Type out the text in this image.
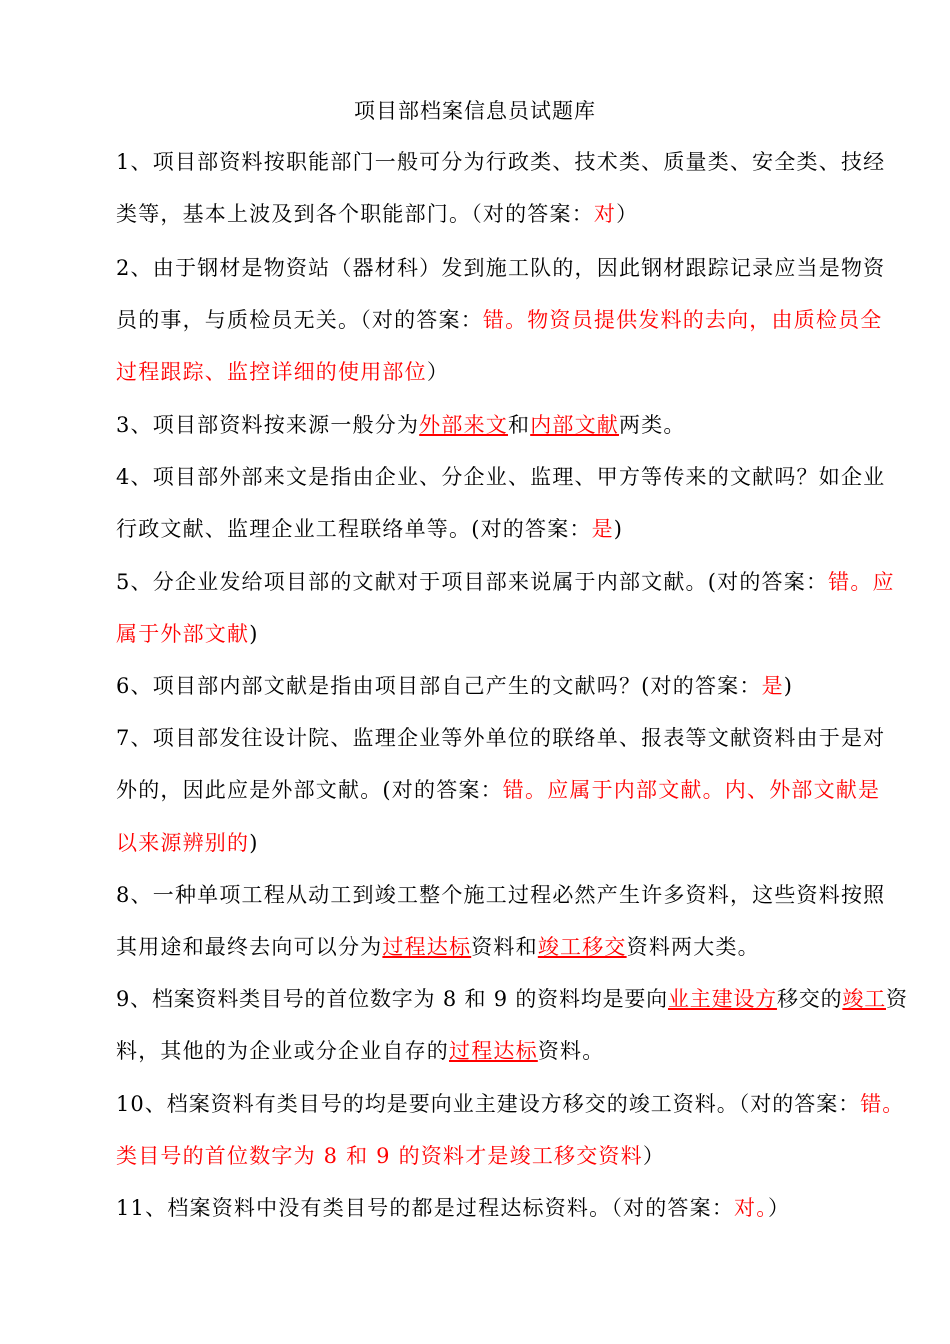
项目部档案信息员试题库
1、项目部资料按职能部门一般可分为行政类、技术类、质量类、安全类、技经
类等，基本上波及到各个职能部门。（对的答案：对）
2、由于钢材是物资站（器材科）发到施工队的，因此钢材跟踪记录应当是物资
员的事，与质检员无关。（对的答案：错。物资员提供发料的去向，由质检员全
过程跟踪、监控详细的使用部位）
3、项目部资料按来源一般分为外部来文和内部文献两类。
4、项目部外部来文是指由企业、分企业、监理、甲方等传来的文献吗？如企业
行政文献、监理企业工程联络单等。(对的答案：是)
5、分企业发给项目部的文献对于项目部来说属于内部文献。(对的答案：错。应
属于外部文献)
6、项目部内部文献是指由项目部自己产生的文献吗？(对的答案：是)
7、项目部发往设计院、监理企业等外单位的联络单、报表等文献资料由于是对
外的，因此应是外部文献。(对的答案：错。应属于内部文献。内、外部文献是
以来源辨别的)
8、一种单项工程从动工到竣工整个施工过程必然产生许多资料，这些资料按照
其用途和最终去向可以分为过程达标资料和竣工移交资料两大类。
9、档案资料类目号的首位数字为 8 和 9 的资料均是要向业主建设方移交的竣工资
料，其他的为企业或分企业自存的过程达标资料。
10、档案资料有类目号的均是要向业主建设方移交的竣工资料。（对的答案：错。
类目号的首位数字为 8 和 9 的资料才是竣工移交资料）
11、档案资料中没有类目号的都是过程达标资料。（对的答案：对。）
